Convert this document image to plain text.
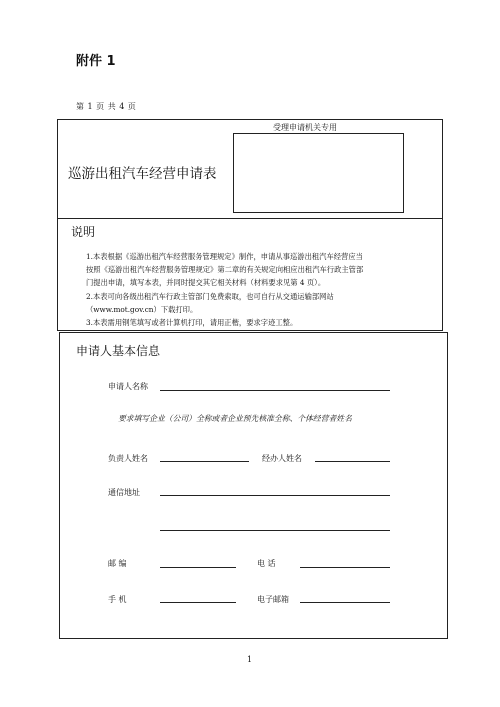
附件 1
第 1 页 共 4 页
受理申请机关专用
巡游出租汽车经营申请表
说明
1.本表根据《巡游出租汽车经营服务管理规定》制作，申请从事巡游出租汽车经营应当
按照《巡游出租汽车经营服务管理规定》第二章的有关规定向相应出租汽车行政主管部
门提出申请，填写本表，并同时提交其它相关材料（材料要求见第 4 页）。
2.本表可向各级出租汽车行政主管部门免费索取，也可自行从交通运输部网站
（www.mot.gov.cn）下载打印。
3.本表需用钢笔填写或者计算机打印，请用正楷，要求字迹工整。
申请人基本信息
申请人名称
要求填写企业（公司）全称或者企业预先核准全称、个体经营者姓名
负责人姓名	经办人姓名
通信地址
邮 编	电 话
手 机	电子邮箱
1
